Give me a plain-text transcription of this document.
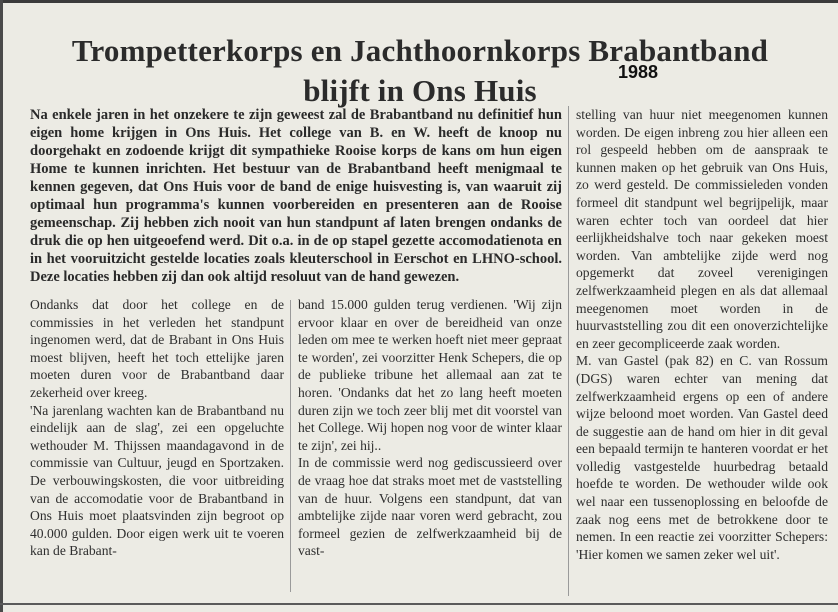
Trompetterkorps en Jachthoornkorps Brabantband
blijft in Ons Huis
1988
Na enkele jaren in het onzekere te zijn geweest zal de Brabantband nu definitief hun eigen home krijgen in Ons Huis. Het college van B. en W. heeft de knoop nu doorgehakt en zodoende krijgt dit sympathieke Rooise korps de kans om hun eigen Home te kunnen inrichten. Het bestuur van de Brabantband heeft menigmaal te kennen gegeven, dat Ons Huis voor de band de enige huisvesting is, van waaruit zij optimaal hun programma's kunnen voorbereiden en presenteren aan de Rooise gemeenschap. Zij hebben zich nooit van hun standpunt af laten brengen ondanks de druk die op hen uitgeoefend werd. Dit o.a. in de op stapel gezette accomodatienota en in het vooruitzicht gestelde locaties zoals kleuterschool in Eerschot en LHNO-school. Deze locaties hebben zij dan ook altijd resoluut van de hand gewezen.

Ondanks dat door het college en de commissies in het verleden het standpunt ingenomen werd, dat de Brabant in Ons Huis moest blijven, heeft het toch ettelijke jaren moeten duren voor de Brabantband daar zekerheid over kreeg.

'Na jarenlang wachten kan de Brabantband nu eindelijk aan de slag', zei een opgeluchte wethouder M. Thijssen maandagavond in de commissie van Cultuur, jeugd en Sportzaken. De verbouwingskosten, die voor uitbreiding van de accomodatie voor de Brabantband in Ons Huis moet plaatsvinden zijn begroot op 40.000 gulden. Door eigen werk uit te voeren kan de Brabant-

band 15.000 gulden terug verdienen. 'Wij zijn ervoor klaar en over de bereidheid van onze leden om mee te werken hoeft niet meer gepraat te worden', zei voorzitter Henk Schepers, die op de publieke tribune het allemaal aan zat te horen. 'Ondanks dat het zo lang heeft moeten duren zijn we toch zeer blij met dit voorstel van het College. Wij hopen nog voor de winter klaar te zijn', zei hij..

In de commissie werd nog gediscussieerd over de vraag hoe dat straks moet met de vaststelling van de huur. Volgens een standpunt, dat van ambtelijke zijde naar voren werd gebracht, zou formeel gezien de zelfwerkzaamheid bij de vast-

stelling van huur niet meegenomen kunnen worden. De eigen inbreng zou hier alleen een rol gespeeld hebben om de aanspraak te kunnen maken op het gebruik van Ons Huis, zo werd gesteld. De commissieleden vonden formeel dit standpunt wel begrijpelijk, maar waren echter toch van oordeel dat hier eerlijkheidshalve toch naar gekeken moest worden. Van ambtelijke zijde werd nog opgemerkt dat zoveel verenigingen zelfwerkzaamheid plegen en als dat allemaal meegenomen moet worden in de huurvaststelling zou dit een onoverzichtelijke en zeer gecompliceerde zaak worden.

M. van Gastel (pak 82) en C. van Rossum (DGS) waren echter van mening dat zelfwerkzaamheid ergens op een of andere wijze beloond moet worden. Van Gastel deed de suggestie aan de hand om hier in dit geval een bepaald termijn te hanteren voordat er het volledig vastgestelde huurbedrag betaald hoefde te worden. De wethouder wilde ook wel naar een tussenoplossing en beloofde de zaak nog eens met de betrokkene door te nemen. In een reactie zei voorzitter Schepers: 'Hier komen we samen zeker wel uit'.
